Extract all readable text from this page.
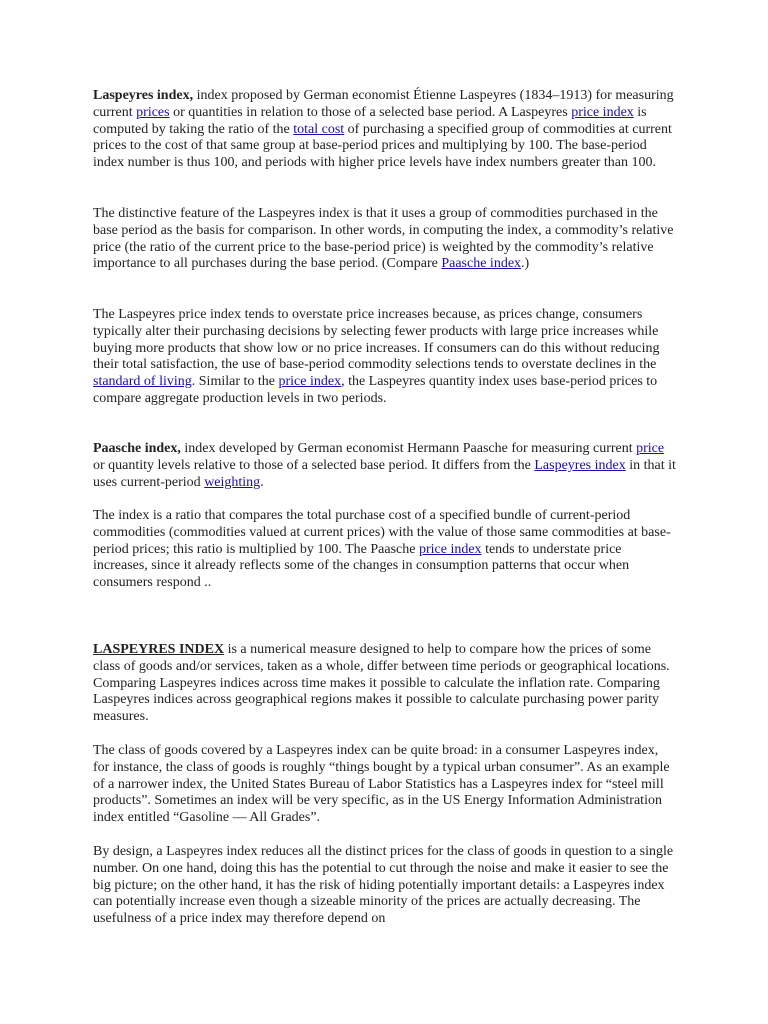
Laspeyres index, index proposed by German economist Étienne Laspeyres (1834–1913) for measuring current prices or quantities in relation to those of a selected base period. A Laspeyres price index is computed by taking the ratio of the total cost of purchasing a specified group of commodities at current prices to the cost of that same group at base-period prices and multiplying by 100. The base-period index number is thus 100, and periods with higher price levels have index numbers greater than 100.

The distinctive feature of the Laspeyres index is that it uses a group of commodities purchased in the base period as the basis for comparison. In other words, in computing the index, a commodity’s relative price (the ratio of the current price to the base-period price) is weighted by the commodity’s relative importance to all purchases during the base period. (Compare Paasche index.)

The Laspeyres price index tends to overstate price increases because, as prices change, consumers typically alter their purchasing decisions by selecting fewer products with large price increases while buying more products that show low or no price increases. If consumers can do this without reducing their total satisfaction, the use of base-period commodity selections tends to overstate declines in the standard of living. Similar to the price index, the Laspeyres quantity index uses base-period prices to compare aggregate production levels in two periods.

Paasche index, index developed by German economist Hermann Paasche for measuring current price or quantity levels relative to those of a selected base period. It differs from the Laspeyres index in that it uses current-period weighting.

The index is a ratio that compares the total purchase cost of a specified bundle of current-period commodities (commodities valued at current prices) with the value of those same commodities at base-period prices; this ratio is multiplied by 100. The Paasche price index tends to understate price increases, since it already reflects some of the changes in consumption patterns that occur when consumers respond ..

LASPEYRES INDEX is a numerical measure designed to help to compare how the prices of some class of goods and/or services, taken as a whole, differ between time periods or geographical locations. Comparing Laspeyres indices across time makes it possible to calculate the inflation rate. Comparing Laspeyres indices across geographical regions makes it possible to calculate purchasing power parity measures.

The class of goods covered by a Laspeyres index can be quite broad: in a consumer Laspeyres index, for instance, the class of goods is roughly “things bought by a typical urban consumer”. As an example of a narrower index, the United States Bureau of Labor Statistics has a Laspeyres index for “steel mill products”. Sometimes an index will be very specific, as in the US Energy Information Administration index entitled “Gasoline — All Grades”.

By design, a Laspeyres index reduces all the distinct prices for the class of goods in question to a single number. On one hand, doing this has the potential to cut through the noise and make it easier to see the big picture; on the other hand, it has the risk of hiding potentially important details: a Laspeyres index can potentially increase even though a sizeable minority of the prices are actually decreasing. The usefulness of a price index may therefore depend on
